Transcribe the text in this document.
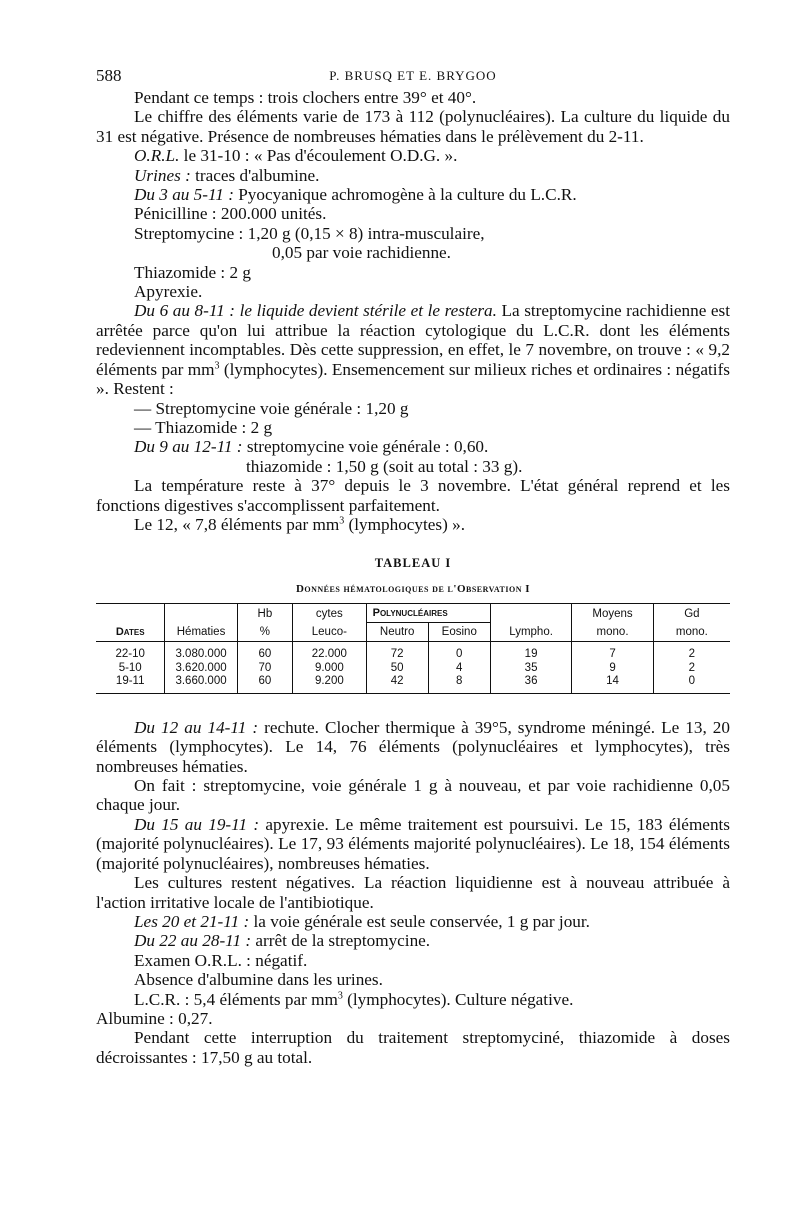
588	P. BRUSQ ET E. BRYGOO

Pendant ce temps : trois clochers entre 39° et 40°.

Le chiffre des éléments varie de 173 à 112 (polynucléaires). La culture du liquide du 31 est négative. Présence de nombreuses hématies dans le prélèvement du 2-11.

O.R.L. le 31-10 : « Pas d'écoulement O.D.G. ».

Urines : traces d'albumine.

Du 3 au 5-11 : Pyocyanique achromogène à la culture du L.C.R.

Pénicilline : 200.000 unités.

Streptomycine : 1,20 g (0,15 × 8) intra-musculaire,

0,05 par voie rachidienne.

Thiazomide : 2 g

Apyrexie.

Du 6 au 8-11 : le liquide devient stérile et le restera. La streptomycine rachidienne est arrêtée parce qu'on lui attribue la réaction cytologique du L.C.R. dont les éléments redeviennent incomptables. Dès cette suppression, en effet, le 7 novembre, on trouve : « 9,2 éléments par $mm^3$ (lymphocytes). Ensemencement sur milieux riches et ordinaires : négatifs ». Restent :

— Streptomycine voie générale : 1,20 g

— Thiazomide : 2 g

Du 9 au 12-11 : streptomycine voie générale : 0,60.

thiazomide : 1,50 g (soit au total : 33 g).

La température reste à 37° depuis le 3 novembre. L'état général reprend et les fonctions digestives s'accomplissent parfaitement.

Le 12, « 7,8 éléments par $mm^3$ (lymphocytes) ».

TABLEAU I
Données hématologiques de l'Observation I
Dates	Hématies	Hb	cytes	Polynucléaires		Lympho.	Moyens	Gd
		%	Leuco-	Neutro	Eosino		mono.	mono.

22-10	3.080.000	60	22.000	72	0	19	7	2
5-10	3.620.000	70	9.000	50	4	35	9	2
19-11	3.660.000	60	9.200	42	8	36	14	0

Du 12 au 14-11 : rechute. Clocher thermique à 39°5, syndrome méningé. Le 13, 20 éléments (lymphocytes). Le 14, 76 éléments (polynucléaires et lymphocytes), très nombreuses hématies.

On fait : streptomycine, voie générale 1 g à nouveau, et par voie rachidienne 0,05 chaque jour.

Du 15 au 19-11 : apyrexie. Le même traitement est poursuivi. Le 15, 183 éléments (majorité polynucléaires). Le 17, 93 éléments majorité polynucléaires). Le 18, 154 éléments (majorité polynucléaires), nombreuses hématies.

Les cultures restent négatives. La réaction liquidienne est à nouveau attribuée à l'action irritative locale de l'antibiotique.

Les 20 et 21-11 : la voie générale est seule conservée, 1 g par jour.

Du 22 au 28-11 : arrêt de la streptomycine.

Examen O.R.L. : négatif.

Absence d'albumine dans les urines.

L.C.R. : 5,4 éléments par $mm^3$ (lymphocytes). Culture négative.

Albumine : 0,27.

Pendant cette interruption du traitement streptomyciné, thiazomide à doses décroissantes : 17,50 g au total.
